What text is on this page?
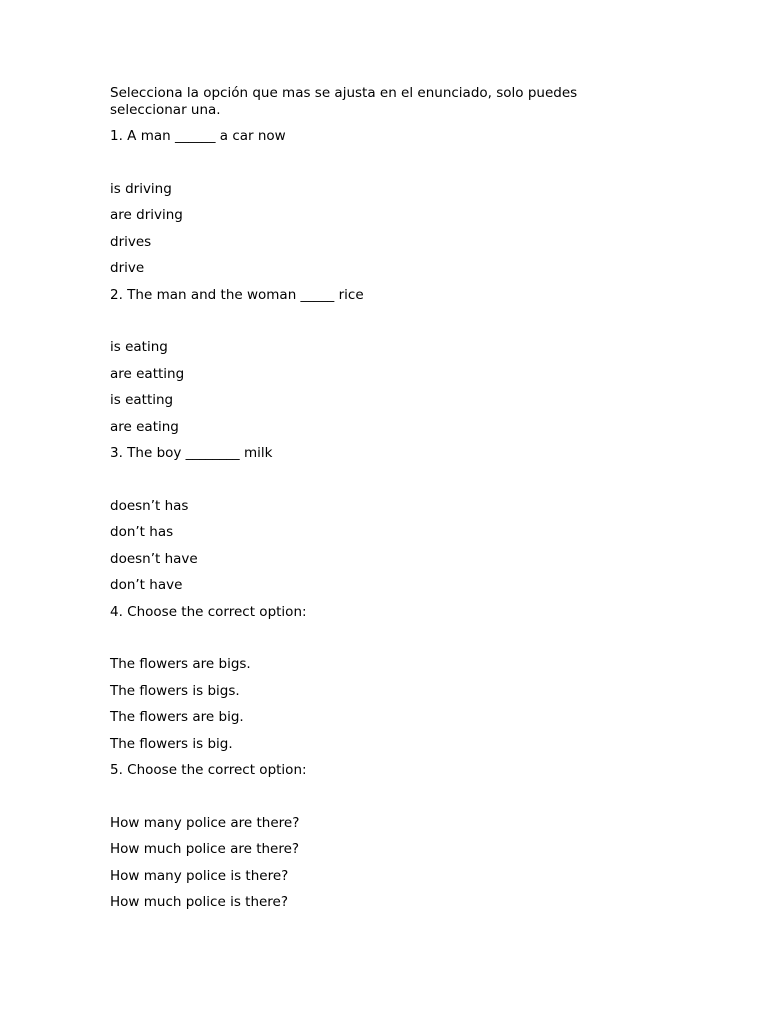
Selecciona la opción que mas se ajusta en el enunciado, solo puedes seleccionar una.

1. A man ______ a car now

is driving

are driving

drives

drive

2. The man and the woman _____ rice

is eating

are eatting

is eatting

are eating

3. The boy ________ milk

doesn’t has

don’t has

doesn’t have

don’t have

4. Choose the correct option:

The flowers are bigs.

The flowers is bigs.

The flowers are big.

The flowers is big.

5. Choose the correct option:

How many police are there?

How much police are there?

How many police is there?

How much police is there?
